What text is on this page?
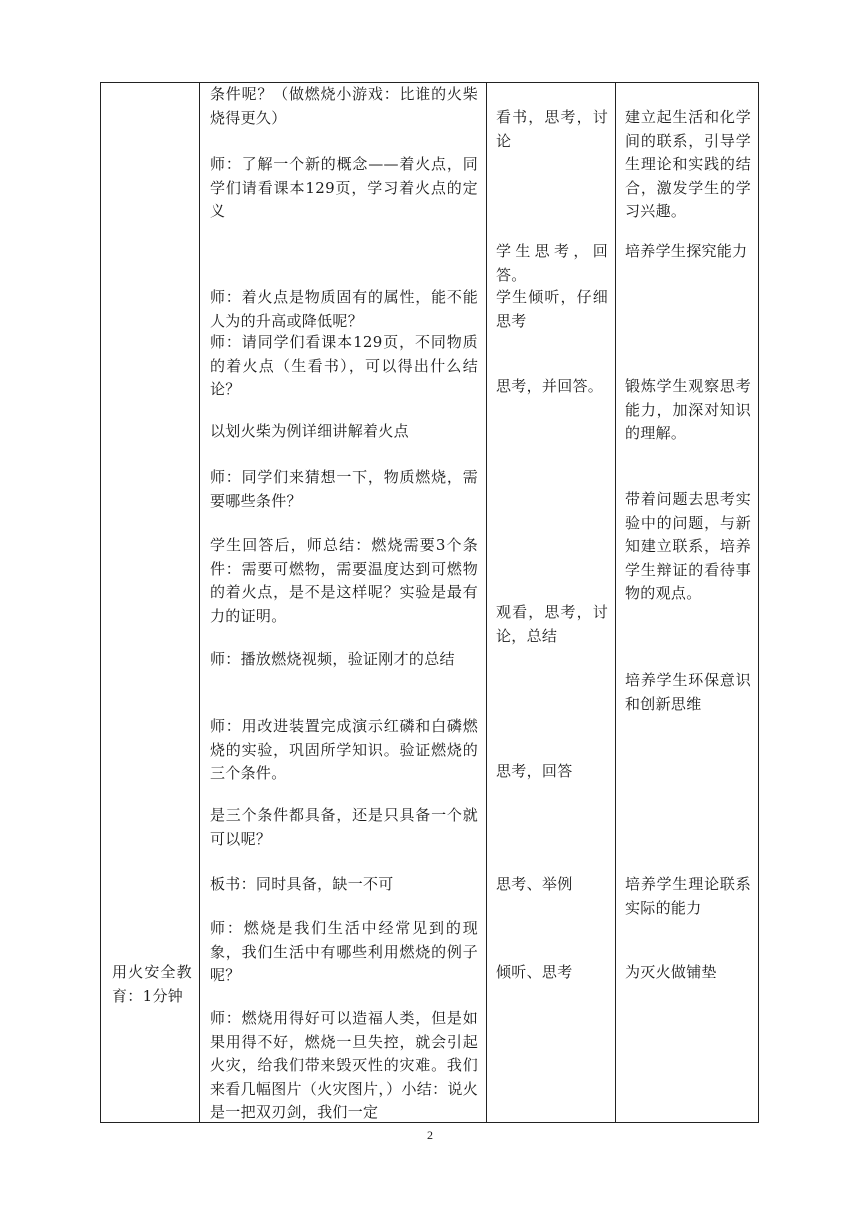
用火安全教育：1分钟
条件呢？（做燃烧小游戏：比谁的火柴烧得更久）
师：了解一个新的概念——着火点，同学们请看课本129页，学习着火点的定义
师：着火点是物质固有的属性，能不能人为的升高或降低呢？
师：请同学们看课本129页，不同物质的着火点（生看书），可以得出什么结论？
以划火柴为例详细讲解着火点
师：同学们来猜想一下，物质燃烧，需要哪些条件？
学生回答后，师总结：燃烧需要3个条件：需要可燃物，需要温度达到可燃物的着火点，是不是这样呢？实验是最有力的证明。
师：播放燃烧视频，验证刚才的总结
师：用改进装置完成演示红磷和白磷燃烧的实验，巩固所学知识。验证燃烧的三个条件。
是三个条件都具备，还是只具备一个就可以呢？
板书：同时具备，缺一不可
师：燃烧是我们生活中经常见到的现象，我们生活中有哪些利用燃烧的例子呢？
师：燃烧用得好可以造福人类，但是如果用得不好，燃烧一旦失控，就会引起火灾，给我们带来毁灭性的灾难。我们来看几幅图片（火灾图片，）小结：说火是一把双刃剑，我们一定
看书，思考，讨论
学生思考，回答。
学生倾听，仔细思考
思考，并回答。
观看，思考，讨论，总结
思考，回答
思考、举例
倾听、思考
建立起生活和化学间的联系，引导学生理论和实践的结合，激发学生的学习兴趣。
培养学生探究能力
锻炼学生观察思考能力，加深对知识的理解。
带着问题去思考实验中的问题，与新知建立联系，培养学生辩证的看待事物的观点。
培养学生环保意识和创新思维
培养学生理论联系实际的能力
为灭火做铺垫
2
